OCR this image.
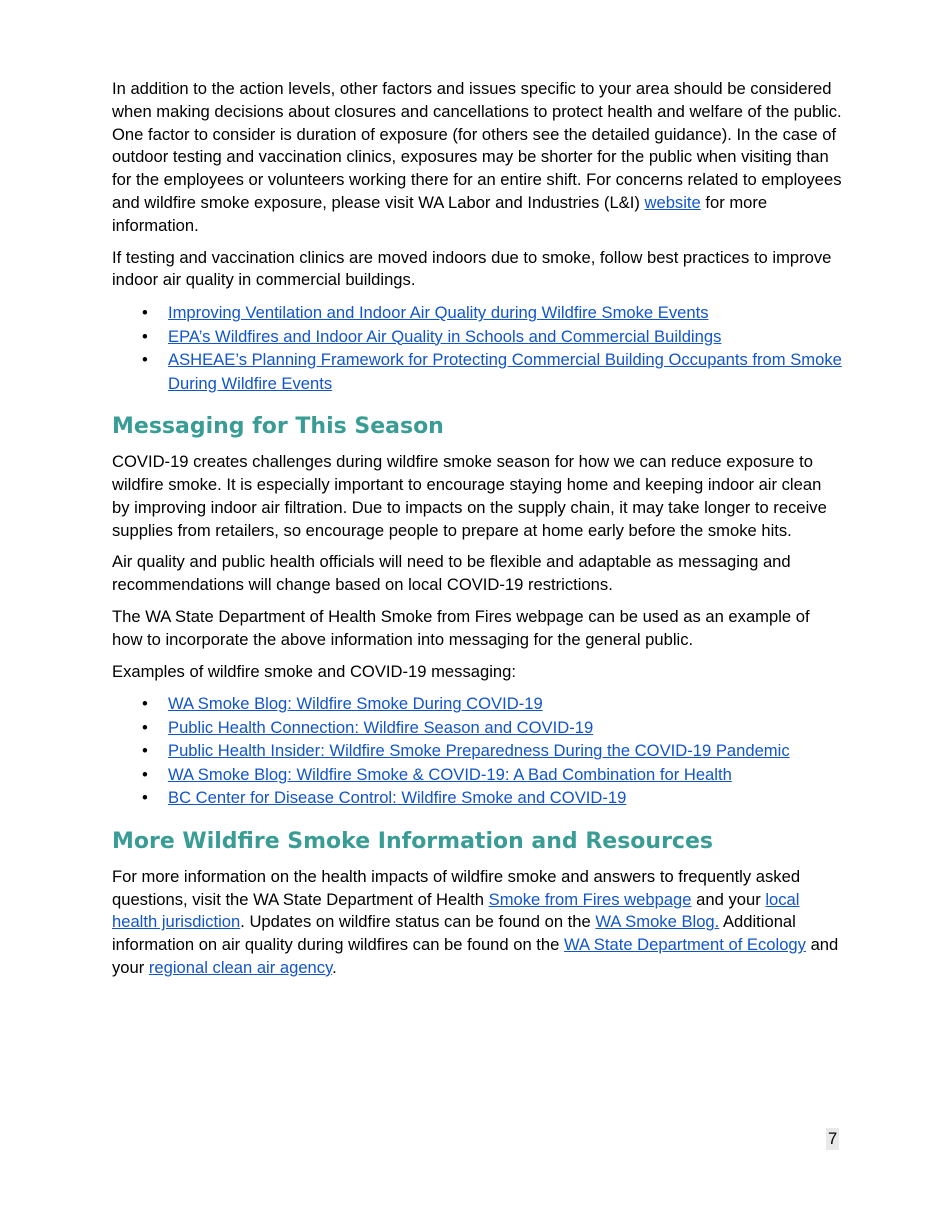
In addition to the action levels, other factors and issues specific to your area should be considered when making decisions about closures and cancellations to protect health and welfare of the public. One factor to consider is duration of exposure (for others see the detailed guidance). In the case of outdoor testing and vaccination clinics, exposures may be shorter for the public when visiting than for the employees or volunteers working there for an entire shift. For concerns related to employees and wildfire smoke exposure, please visit WA Labor and Industries (L&I) website for more information.

If testing and vaccination clinics are moved indoors due to smoke, follow best practices to improve indoor air quality in commercial buildings.

• Improving Ventilation and Indoor Air Quality during Wildfire Smoke Events
• EPA’s Wildfires and Indoor Air Quality in Schools and Commercial Buildings
• ASHEAE’s Planning Framework for Protecting Commercial Building Occupants from Smoke During Wildfire Events
Messaging for This Season

COVID-19 creates challenges during wildfire smoke season for how we can reduce exposure to wildfire smoke. It is especially important to encourage staying home and keeping indoor air clean by improving indoor air filtration. Due to impacts on the supply chain, it may take longer to receive supplies from retailers, so encourage people to prepare at home early before the smoke hits.

Air quality and public health officials will need to be flexible and adaptable as messaging and recommendations will change based on local COVID-19 restrictions.

The WA State Department of Health Smoke from Fires webpage can be used as an example of how to incorporate the above information into messaging for the general public.

Examples of wildfire smoke and COVID-19 messaging:

• WA Smoke Blog: Wildfire Smoke During COVID-19
• Public Health Connection: Wildfire Season and COVID-19
• Public Health Insider: Wildfire Smoke Preparedness During the COVID-19 Pandemic
• WA Smoke Blog: Wildfire Smoke & COVID-19: A Bad Combination for Health
• BC Center for Disease Control: Wildfire Smoke and COVID-19
More Wildfire Smoke Information and Resources

For more information on the health impacts of wildfire smoke and answers to frequently asked questions, visit the WA State Department of Health Smoke from Fires webpage and your local health jurisdiction. Updates on wildfire status can be found on the WA Smoke Blog. Additional information on air quality during wildfires can be found on the WA State Department of Ecology and your regional clean air agency.

7
